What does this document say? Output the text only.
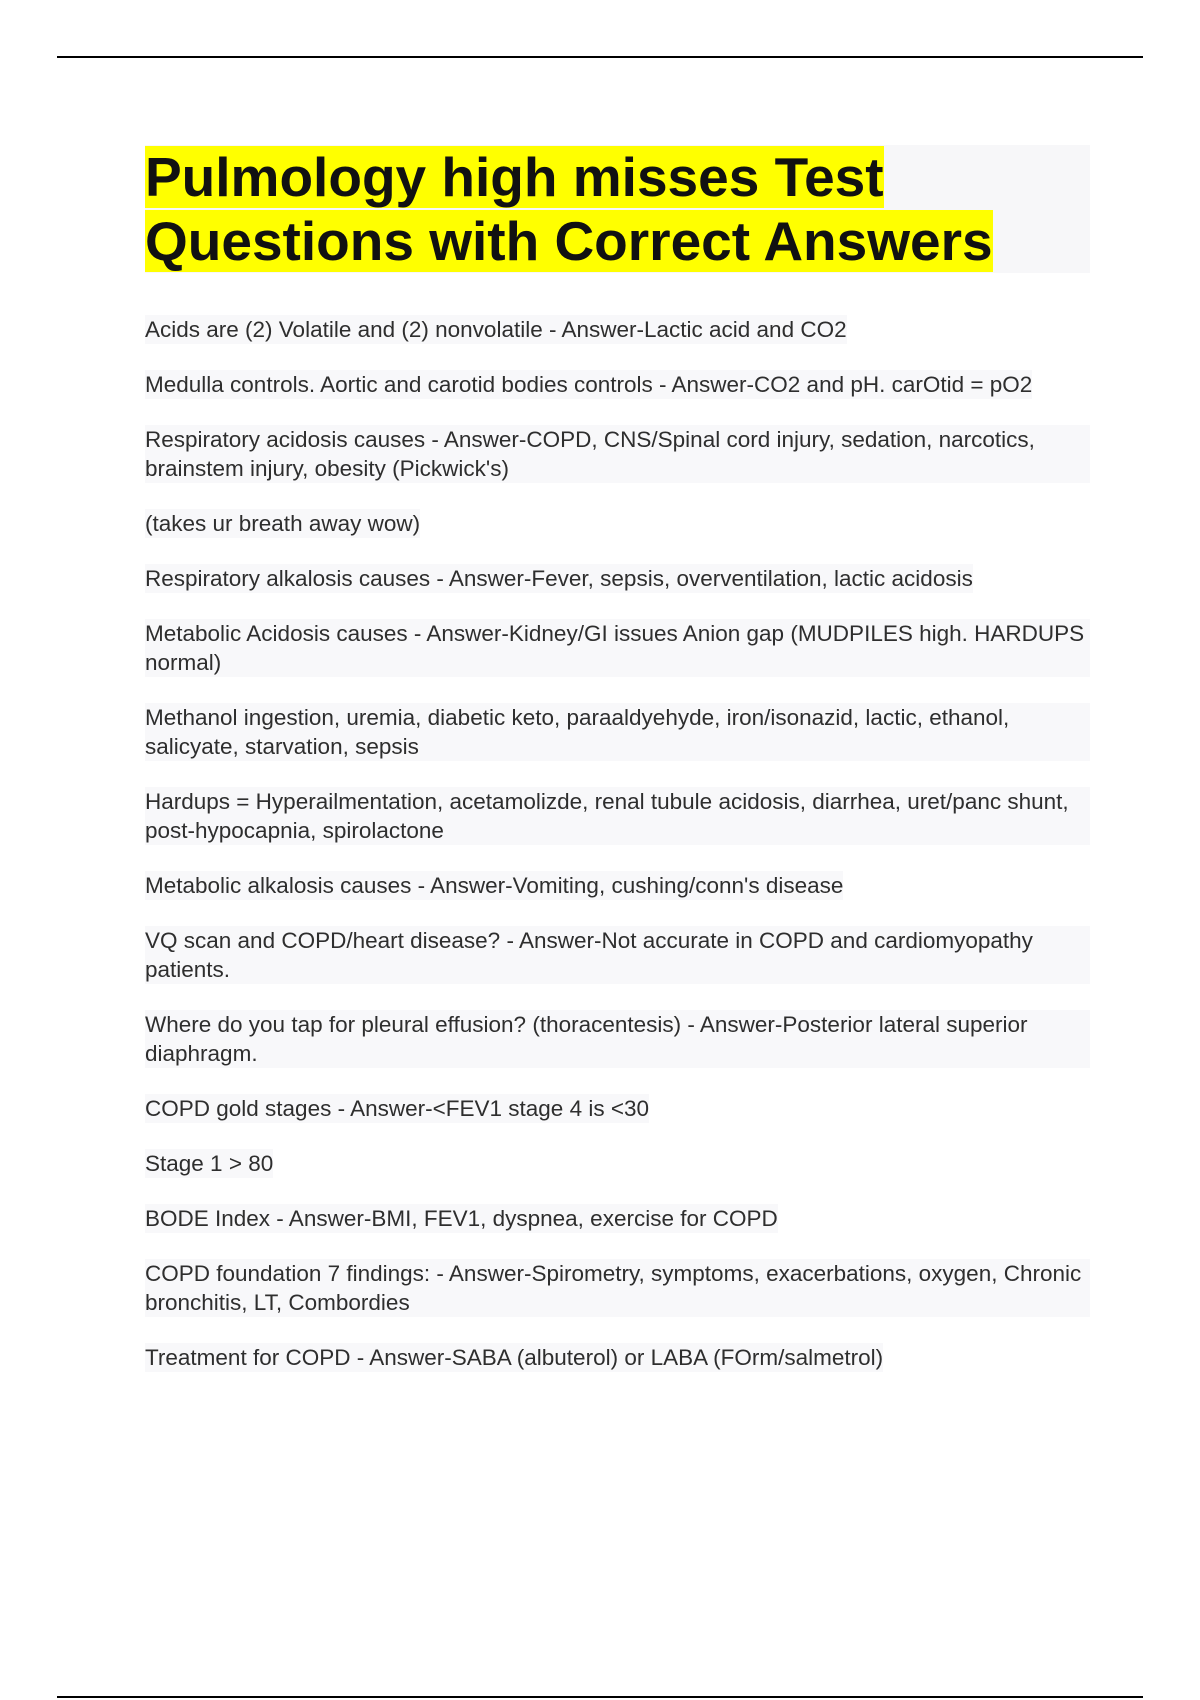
Pulmology high misses Test
Questions with Correct Answers

Acids are (2) Volatile and (2) nonvolatile - Answer-Lactic acid and CO2

Medulla controls. Aortic and carotid bodies controls - Answer-CO2 and pH. carOtid = pO2

Respiratory acidosis causes - Answer-COPD, CNS/Spinal cord injury, sedation, narcotics, brainstem injury, obesity (Pickwick's)

(takes ur breath away wow)

Respiratory alkalosis causes - Answer-Fever, sepsis, overventilation, lactic acidosis

Metabolic Acidosis causes - Answer-Kidney/GI issues Anion gap (MUDPILES high. HARDUPS normal)

Methanol ingestion, uremia, diabetic keto, paraaldyehyde, iron/isonazid, lactic, ethanol, salicyate, starvation, sepsis

Hardups = Hyperailmentation, acetamolizde, renal tubule acidosis, diarrhea, uret/panc shunt, post-hypocapnia, spirolactone

Metabolic alkalosis causes - Answer-Vomiting, cushing/conn's disease

VQ scan and COPD/heart disease? - Answer-Not accurate in COPD and cardiomyopathy patients.

Where do you tap for pleural effusion? (thoracentesis) - Answer-Posterior lateral superior diaphragm.

COPD gold stages - Answer-<FEV1 stage 4 is <30

Stage 1 > 80

BODE Index - Answer-BMI, FEV1, dyspnea, exercise for COPD

COPD foundation 7 findings: - Answer-Spirometry, symptoms, exacerbations, oxygen, Chronic bronchitis, LT, Combordies

Treatment for COPD - Answer-SABA (albuterol) or LABA (FOrm/salmetrol)
